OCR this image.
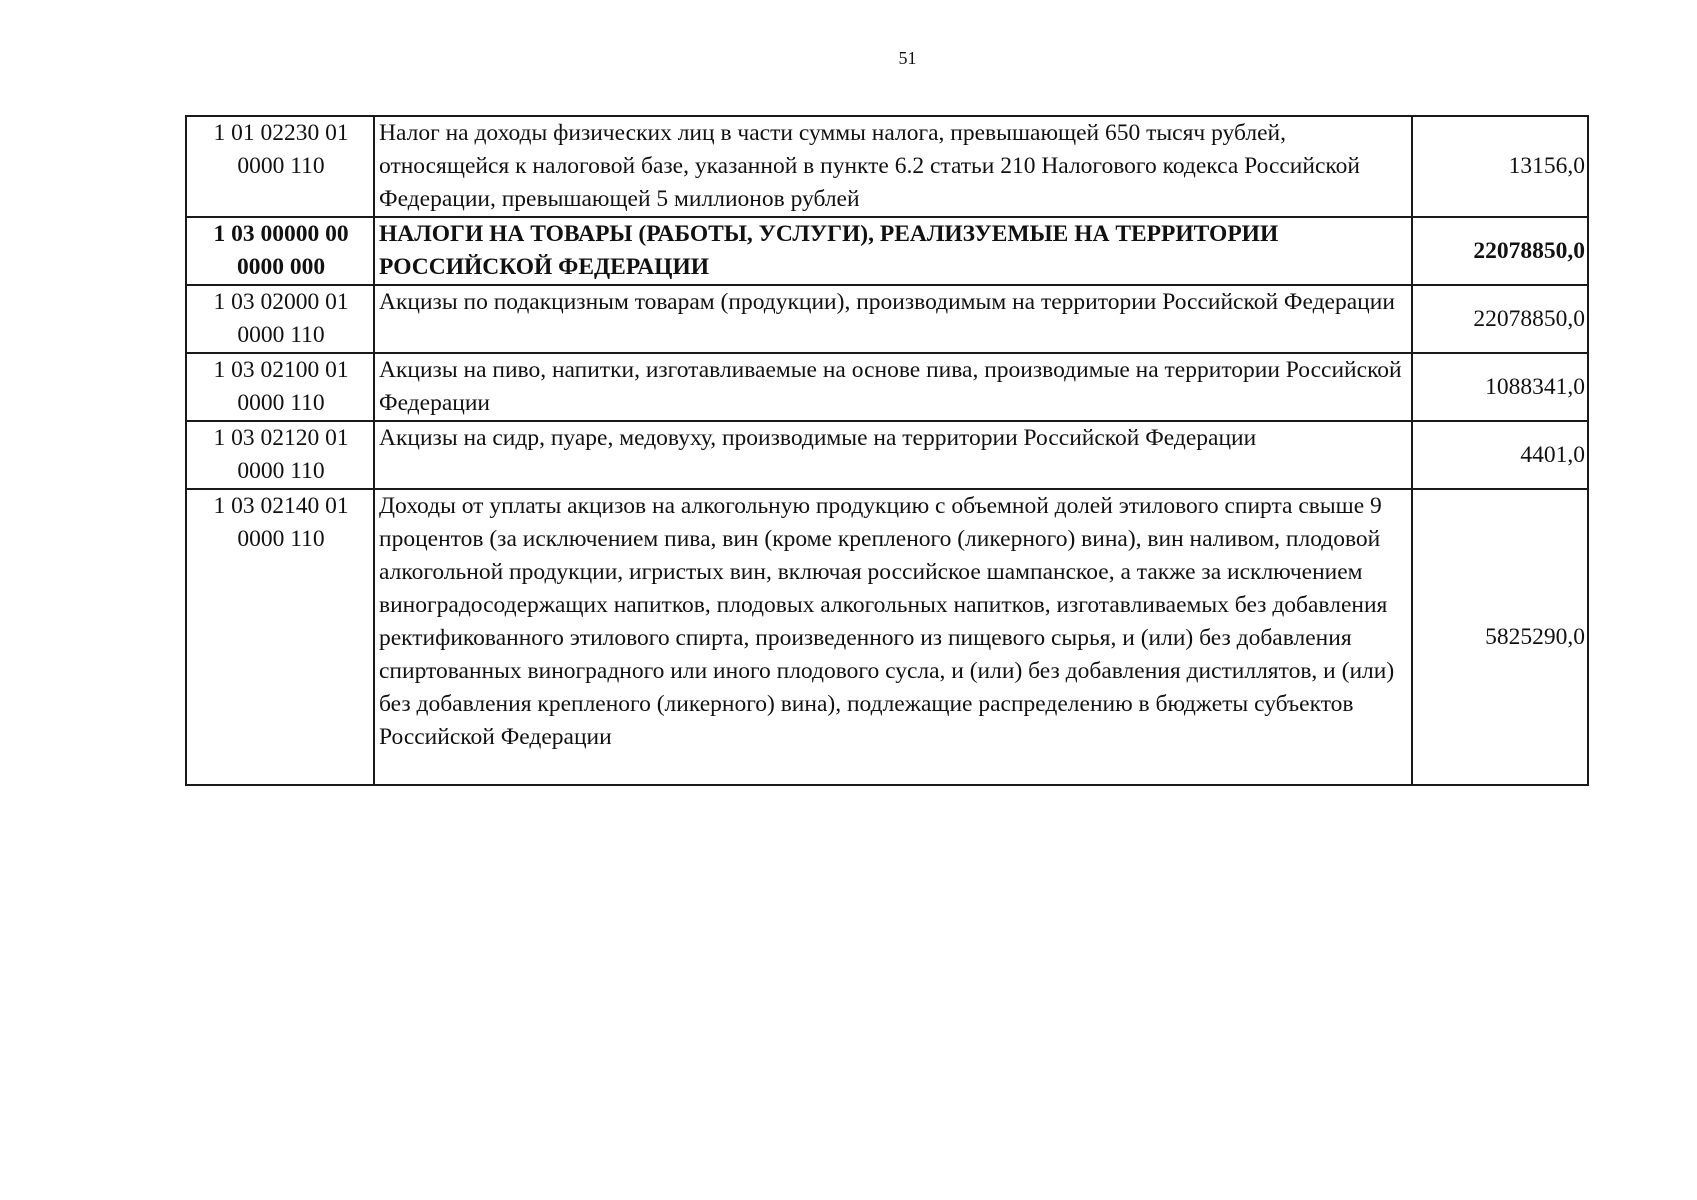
51
1 01 02230 01 0000 110	Налог на доходы физических лиц в части суммы налога, превышающей 650 тысяч рублей, относящейся к налоговой базе, указанной в пункте 6.2 статьи 210 Налогового кодекса Российской Федерации, превышающей 5 миллионов рублей	13156,0
1 03 00000 00 0000 000	НАЛОГИ НА ТОВАРЫ (РАБОТЫ, УСЛУГИ), РЕАЛИЗУЕМЫЕ НА ТЕРРИТОРИИ РОССИЙСКОЙ ФЕДЕРАЦИИ	22078850,0
1 03 02000 01 0000 110	Акцизы по подакцизным товарам (продукции), производимым на территории Российской Федерации	22078850,0
1 03 02100 01 0000 110	Акцизы на пиво, напитки, изготавливаемые на основе пива, производимые на территории Российской Федерации	1088341,0
1 03 02120 01 0000 110	Акцизы на сидр, пуаре, медовуху, производимые на территории Российской Федерации	4401,0
1 03 02140 01 0000 110	Доходы от уплаты акцизов на алкогольную продукцию с объемной долей этилового спирта свыше 9 процентов (за исключением пива, вин (кроме крепленого (ликерного) вина), вин наливом, плодовой алкогольной продукции, игристых вин, включая российское шампанское, а также за исключением виноградосодержащих напитков, плодовых алкогольных напитков, изготавливаемых без добавления ректификованного этилового спирта, произведенного из пищевого сырья, и (или) без добавления спиртованных виноградного или иного плодового сусла, и (или) без добавления дистиллятов, и (или) без добавления крепленого (ликерного) вина), подлежащие распределению в бюджеты субъектов Российской Федерации	5825290,0
